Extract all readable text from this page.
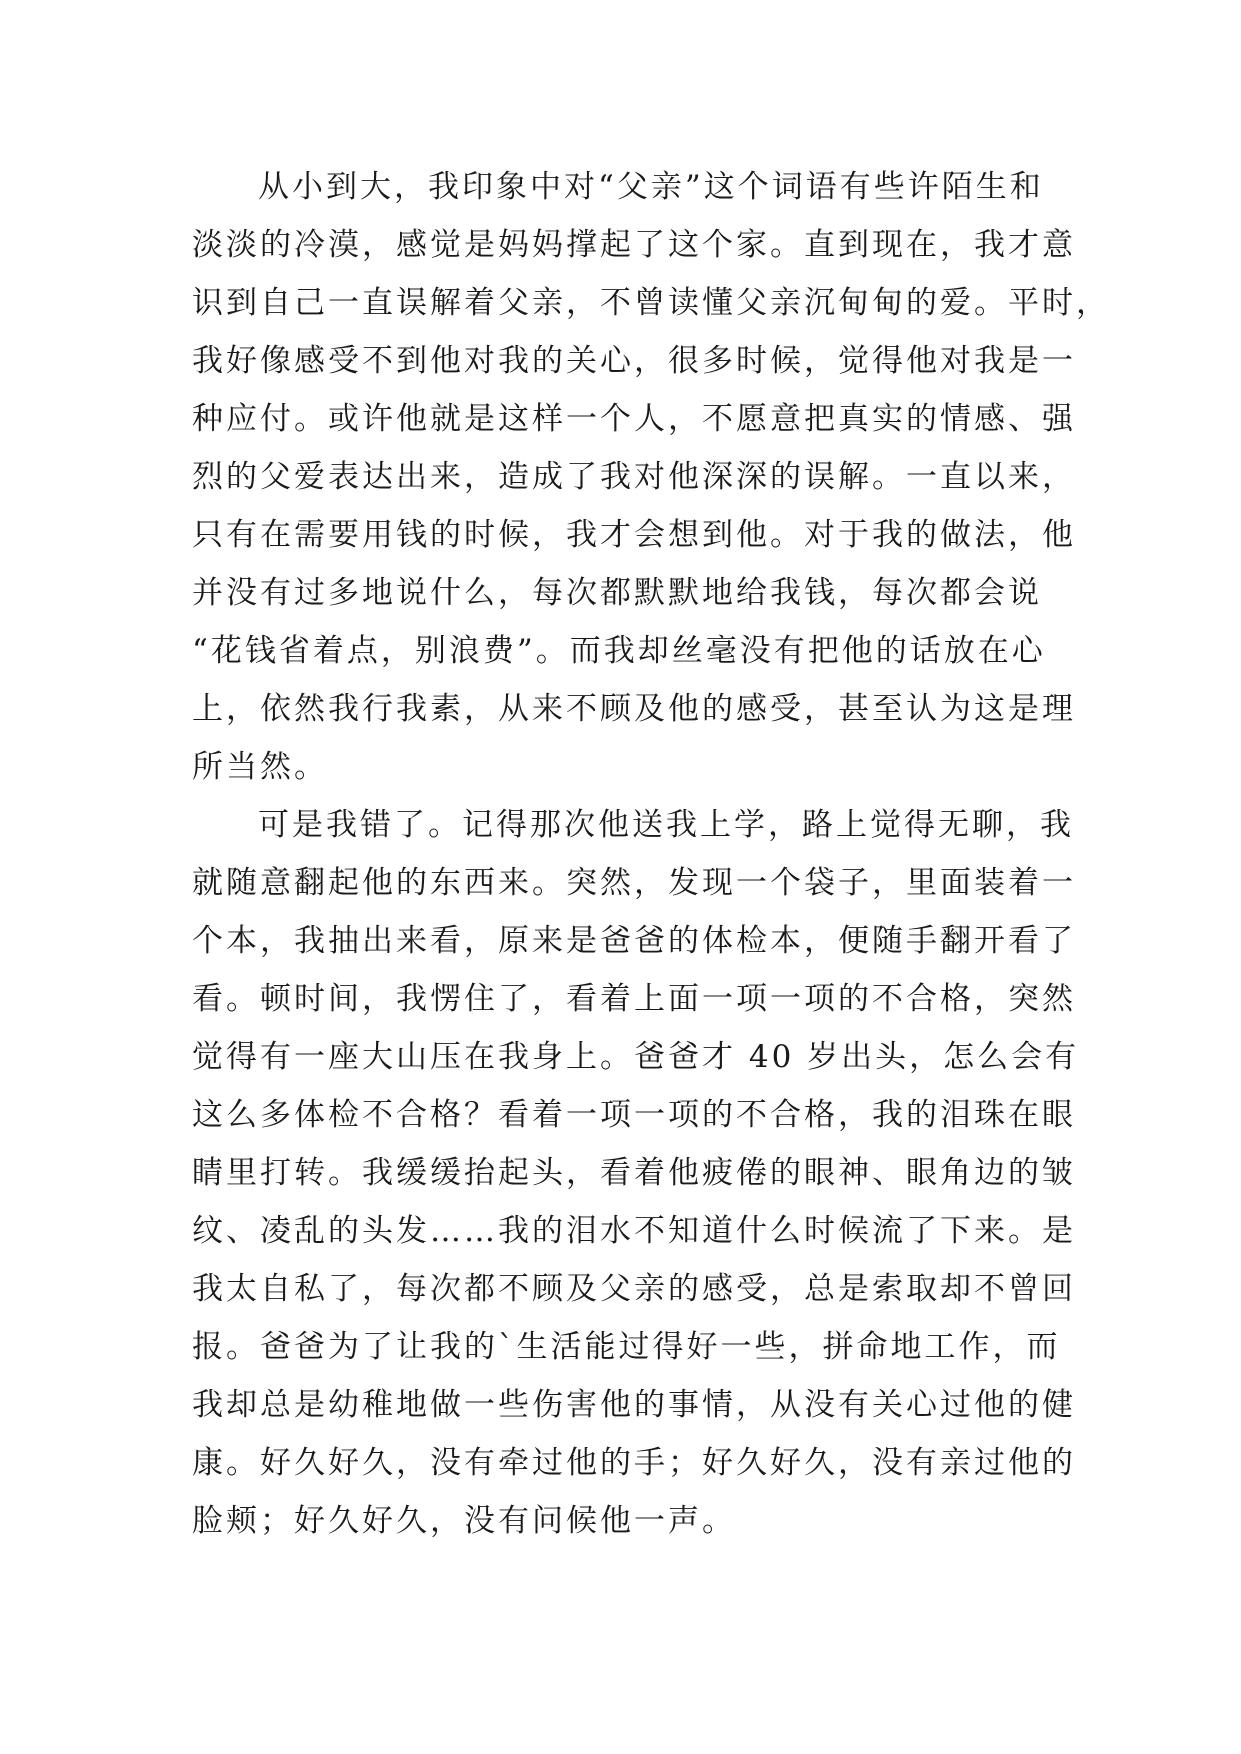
从小到大，我印象中对“父亲”这个词语有些许陌生和
淡淡的冷漠，感觉是妈妈撑起了这个家。直到现在，我才意
识到自己一直误解着父亲，不曾读懂父亲沉甸甸的爱。平时，
我好像感受不到他对我的关心，很多时候，觉得他对我是一
种应付。或许他就是这样一个人，不愿意把真实的情感、强
烈的父爱表达出来，造成了我对他深深的误解。一直以来，
只有在需要用钱的时候，我才会想到他。对于我的做法，他
并没有过多地说什么，每次都默默地给我钱，每次都会说
“花钱省着点，别浪费”。而我却丝毫没有把他的话放在心
上，依然我行我素，从来不顾及他的感受，甚至认为这是理
所当然。
可是我错了。记得那次他送我上学，路上觉得无聊，我
就随意翻起他的东西来。突然，发现一个袋子，里面装着一
个本，我抽出来看，原来是爸爸的体检本，便随手翻开看了
看。顿时间，我愣住了，看着上面一项一项的不合格，突然
觉得有一座大山压在我身上。爸爸才 40 岁出头，怎么会有
这么多体检不合格？看着一项一项的不合格，我的泪珠在眼
睛里打转。我缓缓抬起头，看着他疲倦的眼神、眼角边的皱
纹、凌乱的头发……我的泪水不知道什么时候流了下来。是
我太自私了，每次都不顾及父亲的感受，总是索取却不曾回
报。爸爸为了让我的`生活能过得好一些，拼命地工作，而
我却总是幼稚地做一些伤害他的事情，从没有关心过他的健
康。好久好久，没有牵过他的手；好久好久，没有亲过他的
脸颊；好久好久，没有问候他一声。
